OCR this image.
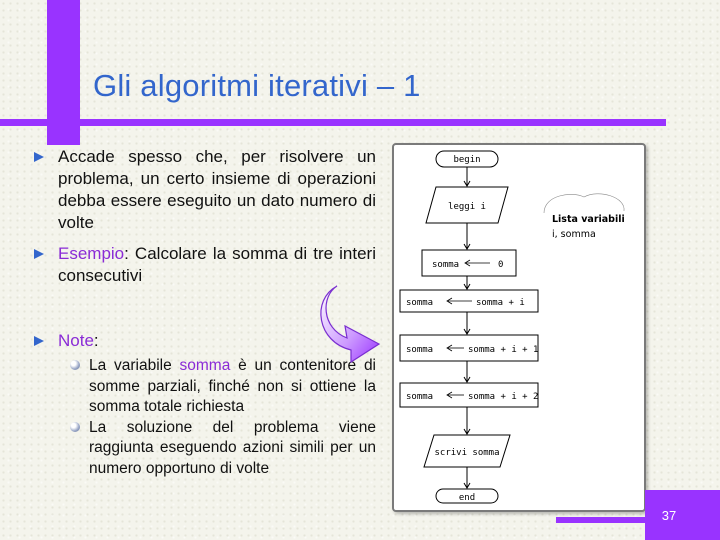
Gli algoritmi iterativi – 1
Accade spesso che, per risolvere un problema, un certo insieme di operazioni debba essere eseguito un dato numero di volte
Esempio: Calcolare la somma di tre interi consecutivi
Note:
La variabile somma è un contenitore di somme parziali, finché non si ottiene la somma totale richiesta
La soluzione del problema viene raggiunta eseguendo azioni simili per un numero opportuno di volte
begin
leggi i
Lista variabili
i, somma
somma	0
somma	somma + i
somma	somma + i + 1
somma	somma + i + 2
scrivi somma
end
37
